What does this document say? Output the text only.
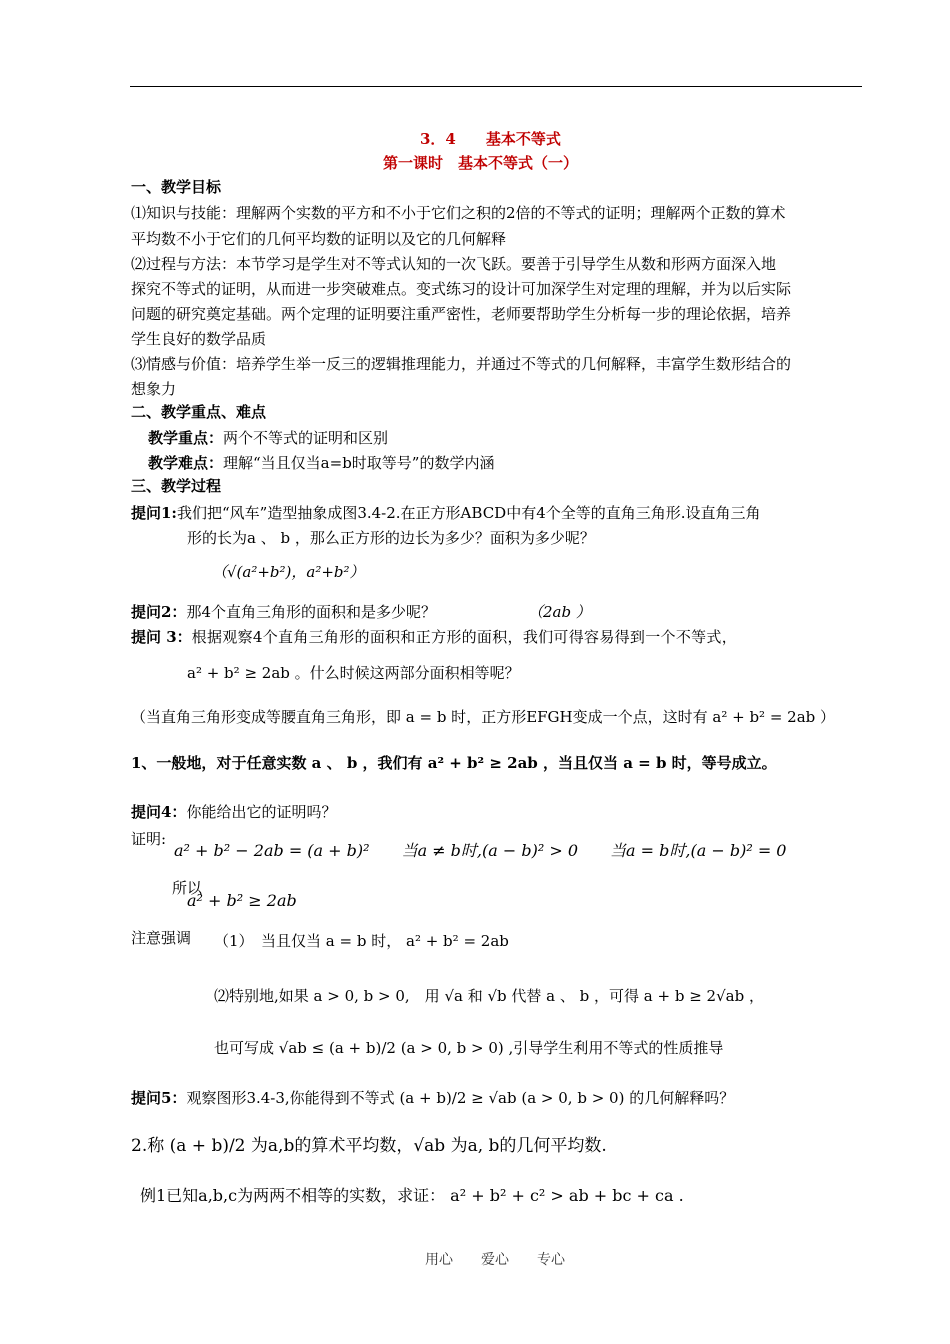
3．4　　基本不等式
第一课时　基本不等式（一）
一、教学目标
⑴知识与技能：理解两个实数的平方和不小于它们之积的2倍的不等式的证明；理解两个正数的算术
平均数不小于它们的几何平均数的证明以及它的几何解释
⑵过程与方法：本节学习是学生对不等式认知的一次飞跃。要善于引导学生从数和形两方面深入地
探究不等式的证明，从而进一步突破难点。变式练习的设计可加深学生对定理的理解，并为以后实际
问题的研究奠定基础。两个定理的证明要注重严密性，老师要帮助学生分析每一步的理论依据，培养
学生良好的数学品质
⑶情感与价值：培养学生举一反三的逻辑推理能力，并通过不等式的几何解释，丰富学生数形结合的
想象力
二、教学重点、难点
教学重点：两个不等式的证明和区别
教学难点：理解“当且仅当a=b时取等号”的数学内涵
三、教学过程
提问1:我们把“风车”造型抽象成图3.4-2.在正方形ABCD中有4个全等的直角三角形.设直角三角
形的长为a 、 b ，那么正方形的边长为多少？面积为多少呢？
（√(a²+b²)，a²+b²）
提问2：那4个直角三角形的面积和是多少呢？	（2ab ）
提问 3：根据观察4个直角三角形的面积和正方形的面积，我们可得容易得到一个不等式，
a² + b² ≥ 2ab 。什么时候这两部分面积相等呢？
（当直角三角形变成等腰直角三角形，即 a = b 时，正方形EFGH变成一个点，这时有 a² + b² = 2ab ）
1、一般地，对于任意实数 a 、 b ，我们有 a² + b² ≥ 2ab ，当且仅当 a = b 时，等号成立。
提问4：你能给出它的证明吗？
证明:
a² + b² − 2ab = (a + b)²　　当a ≠ b时,(a − b)² > 0　　当a = b时,(a − b)² = 0
所以
a² + b² ≥ 2ab
注意强调 （1）　当且仅当 a = b 时， a² + b² = 2ab
⑵特别地,如果 a > 0, b > 0,　用 √a 和 √b 代替 a 、 b ，可得 a + b ≥ 2√ab ，
也可写成 √ab ≤ (a + b)/2 (a > 0, b > 0) ,引导学生利用不等式的性质推导
提问5：观察图形3.4-3,你能得到不等式 (a + b)/2 ≥ √ab (a > 0, b > 0) 的几何解释吗？
2.称 (a + b)/2 为a,b的算术平均数，√ab 为a, b的几何平均数.
例1已知a,b,c为两两不相等的实数，求证： a² + b² + c² > ab + bc + ca .
用心　　爱心　　专心
